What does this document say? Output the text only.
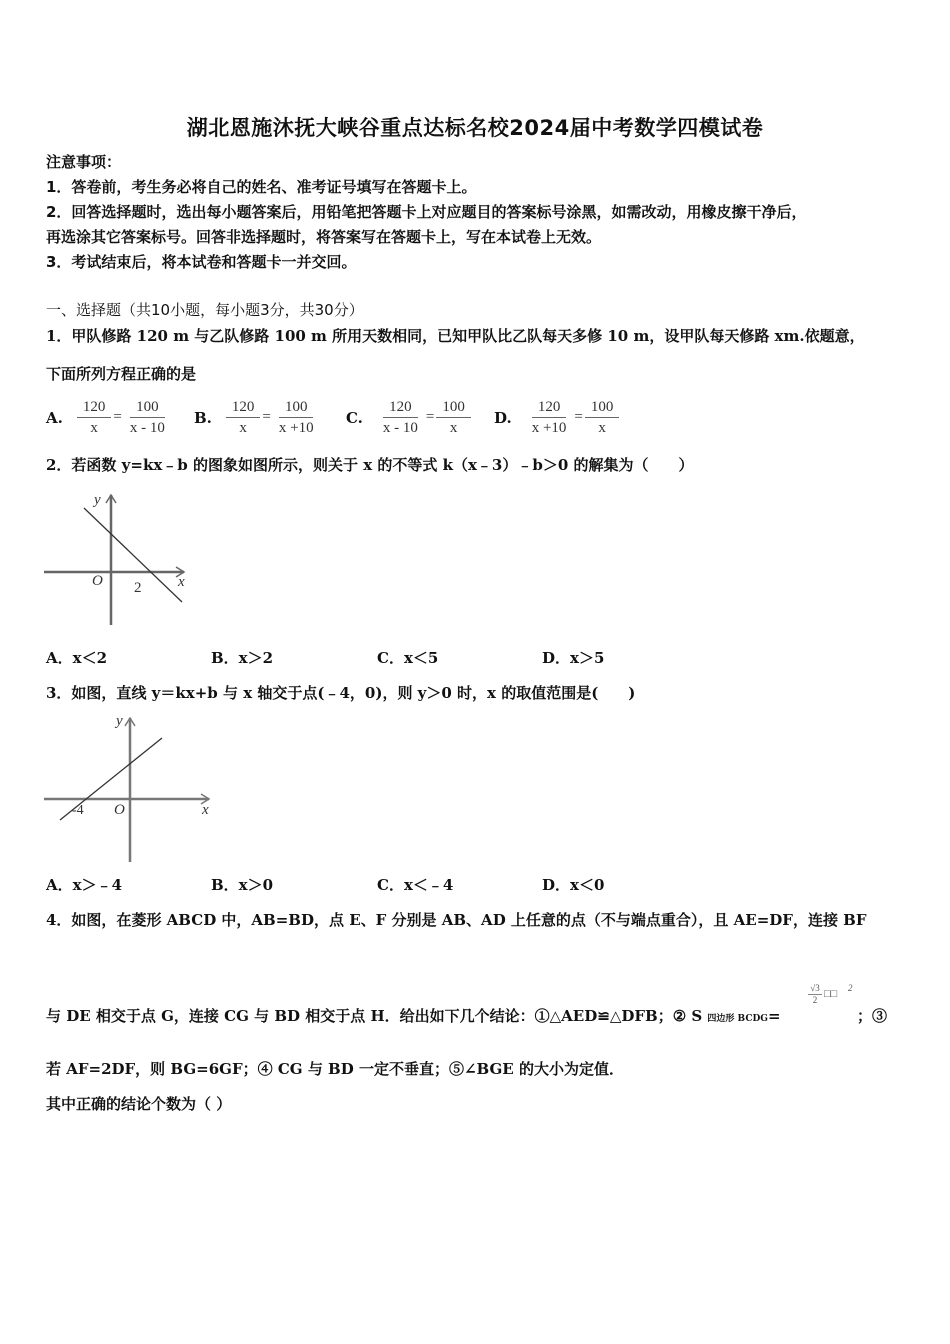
湖北恩施沐抚大峡谷重点达标名校2024届中考数学四模试卷
注意事项：
1．答卷前，考生务必将自己的姓名、准考证号填写在答题卡上。
2．回答选择题时，选出每小题答案后，用铅笔把答题卡上对应题目的答案标号涂黑，如需改动，用橡皮擦干净后，
再选涂其它答案标号。回答非选择题时，将答案写在答题卡上，写在本试卷上无效。
3．考试结束后，将本试卷和答题卡一并交回。
一、选择题（共10小题，每小题3分，共30分）
1．甲队修路 120 m 与乙队修路 100 m 所用天数相同，已知甲队比乙队每天多修 10 m，设甲队每天修路 xm.依题意，
下面所列方程正确的是
A. $\frac{120}{x} = \frac{100}{x - 10} B$. $\frac{120}{x} = \frac{100}{x +10} C$. $\frac{120}{x - 10} = \frac{100}{x} D$. $\frac{120}{x +10} = \frac{100}{x}$
2．若函数 y=kx﹣b 的图象如图所示，则关于 x 的不等式 k（x﹣3）﹣b＞0 的解集为（　　）
y
x
O 2
A．x＜2	B．x＞2	C．x＜5	D．x＞5
3．如图，直线 y＝kx+b 与 x 轴交于点(﹣4，0)，则 y＞0 时，x 的取值范围是(　　)
y
x
O
-4
A．x＞﹣4	B．x＞0	C．x＜﹣4	D．x＜0
4．如图，在菱形 ABCD 中，AB=BD，点 E、F 分别是 AB、AD 上任意的点（不与端点重合），且 AE=DF，连接 BF
与 DE 相交于点 G，连接 CG 与 BD 相交于点 H．给出如下几个结论：①△AED≌△DFB；② S 四边形 BCDG=
√3
2 □□ 2
；③
若 AF=2DF，则 BG=6GF；④ CG 与 BD 一定不垂直；⑤∠BGE 的大小为定值．
其中正确的结论个数为（ ）
